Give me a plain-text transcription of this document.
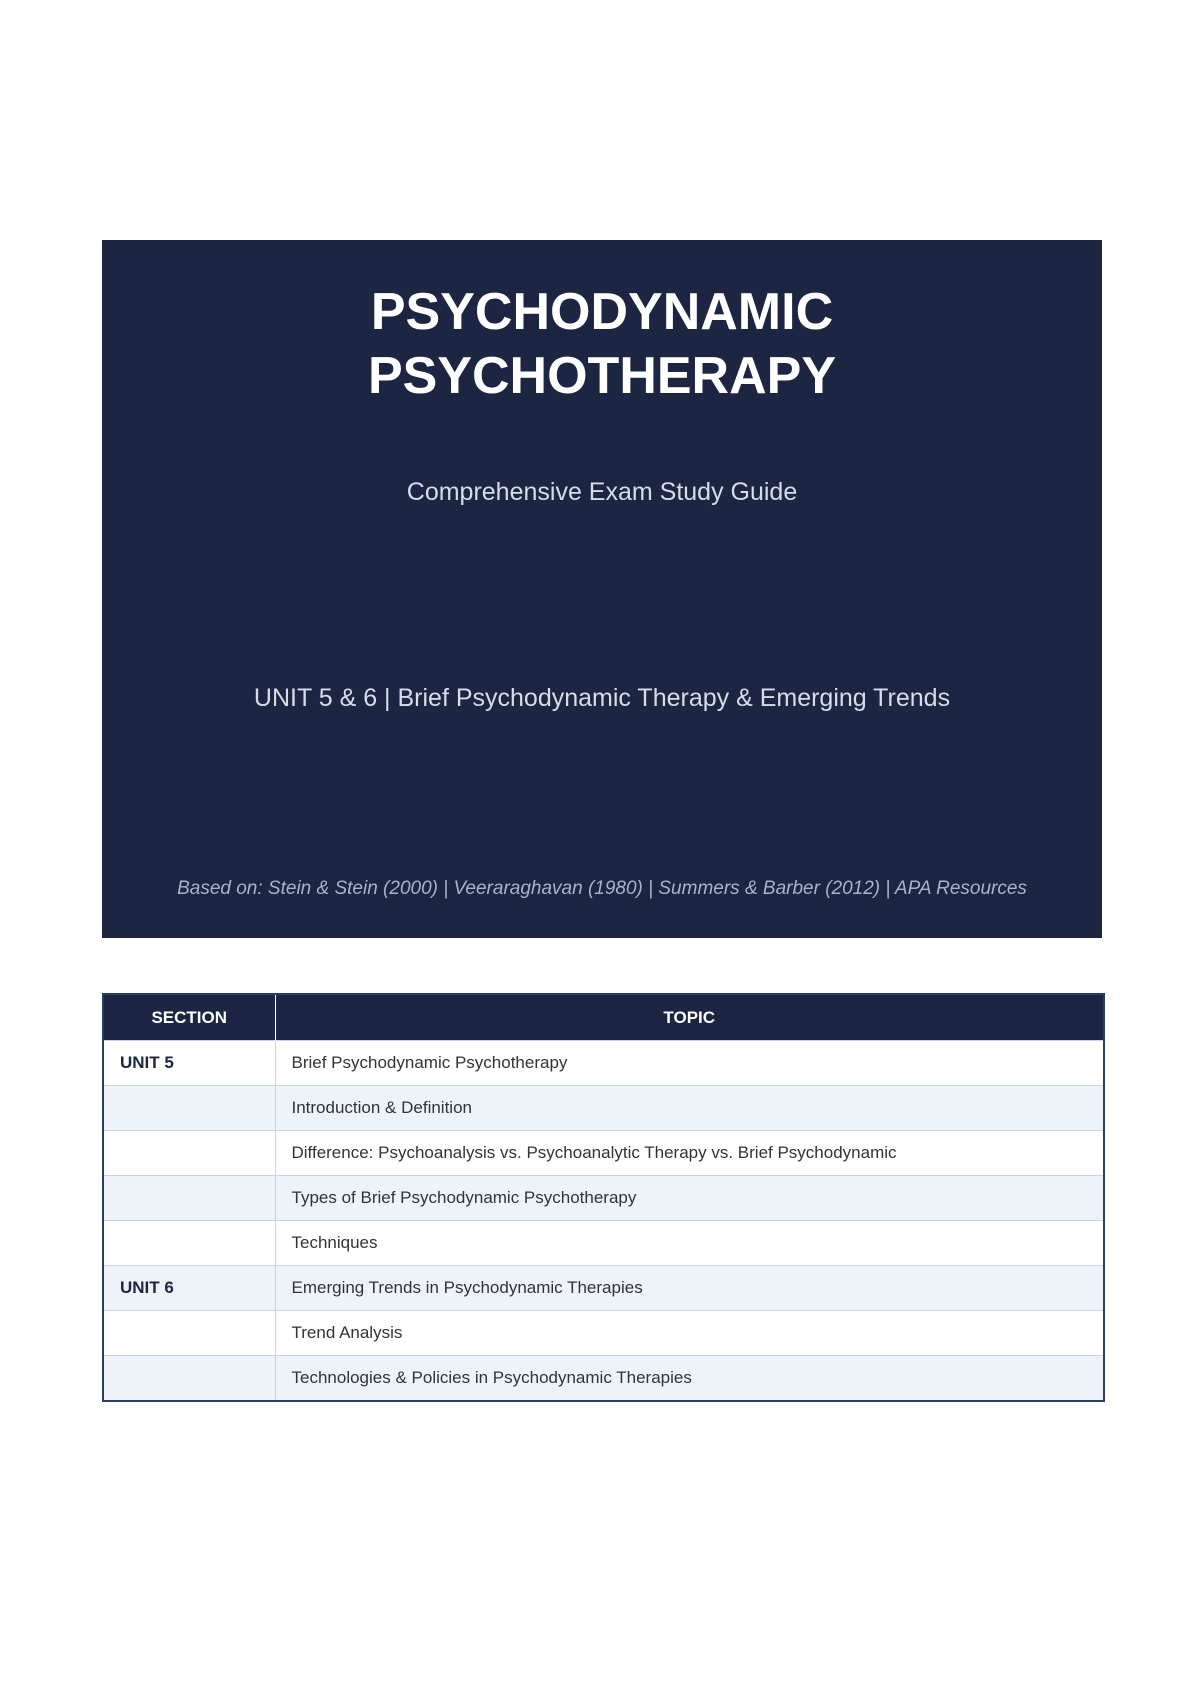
PSYCHODYNAMIC
PSYCHOTHERAPY
Comprehensive Exam Study Guide
UNIT 5 & 6 | Brief Psychodynamic Therapy & Emerging Trends
Based on: Stein & Stein (2000) | Veeraraghavan (1980) | Summers & Barber (2012) | APA Resources
SECTION	TOPIC
UNIT 5	Brief Psychodynamic Psychotherapy
	Introduction & Definition
	Difference: Psychoanalysis vs. Psychoanalytic Therapy vs. Brief Psychodynamic
	Types of Brief Psychodynamic Psychotherapy
	Techniques
UNIT 6	Emerging Trends in Psychodynamic Therapies
	Trend Analysis
	Technologies & Policies in Psychodynamic Therapies
